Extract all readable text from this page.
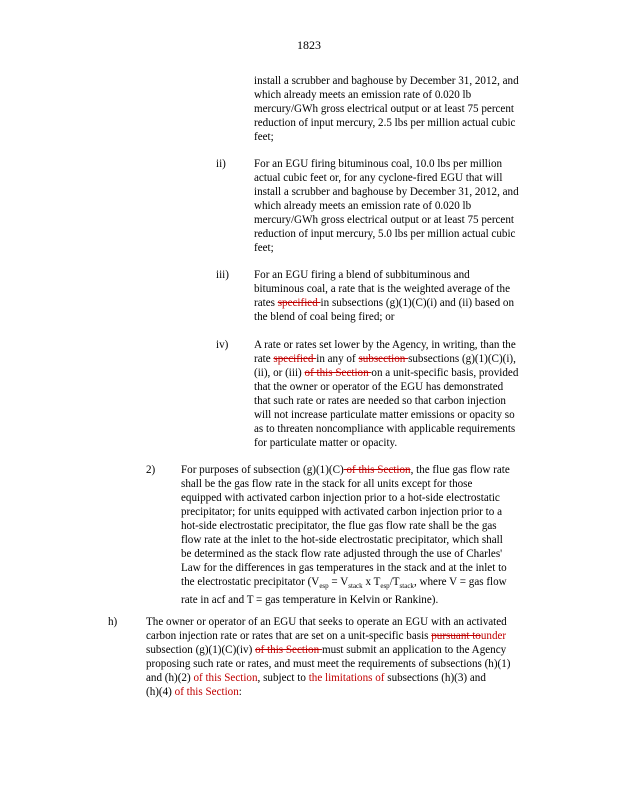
1823
install a scrubber and baghouse by December 31, 2012, and
which already meets an emission rate of 0.020 lb
mercury/GWh gross electrical output or at least 75 percent
reduction of input mercury, 2.5 lbs per million actual cubic
feet;
ii)	For an EGU firing bituminous coal, 10.0 lbs per million
actual cubic feet or, for any cyclone-fired EGU that will
install a scrubber and baghouse by December 31, 2012, and
which already meets an emission rate of 0.020 lb
mercury/GWh gross electrical output or at least 75 percent
reduction of input mercury, 5.0 lbs per million actual cubic
feet;
iii) For an EGU firing a blend of subbituminous and
bituminous coal, a rate that is the weighted average of the
rates specified in subsections (g)(1)(C)(i) and (ii) based on
the blend of coal being fired; or
iv) A rate or rates set lower by the Agency, in writing, than the
rate specified in any of subsection subsections (g)(1)(C)(i),
(ii), or (iii) of this Section on a unit-specific basis, provided
that the owner or operator of the EGU has demonstrated
that such rate or rates are needed so that carbon injection
will not increase particulate matter emissions or opacity so
as to threaten noncompliance with applicable requirements
for particulate matter or opacity.
2) For purposes of subsection (g)(1)(C) of this Section, the flue gas flow rate
shall be the gas flow rate in the stack for all units except for those
equipped with activated carbon injection prior to a hot-side electrostatic
precipitator; for units equipped with activated carbon injection prior to a
hot-side electrostatic precipitator, the flue gas flow rate shall be the gas
flow rate at the inlet to the hot-side electrostatic precipitator, which shall
be determined as the stack flow rate adjusted through the use of Charles'
Law for the differences in gas temperatures in the stack and at the inlet to
the electrostatic precipitator ($V_{esp} = V_{stack}$ x $T_{esp}/T_{stack}$, where V = gas flow
rate in acf and T = gas temperature in Kelvin or Rankine).
h)	The owner or operator of an EGU that seeks to operate an EGU with an activated
carbon injection rate or rates that are set on a unit-specific basis pursuant tounder
subsection (g)(1)(C)(iv) of this Section must submit an application to the Agency
proposing such rate or rates, and must meet the requirements of subsections (h)(1)
and (h)(2) of this Section, subject to the limitations of subsections (h)(3) and
(h)(4) of this Section:
